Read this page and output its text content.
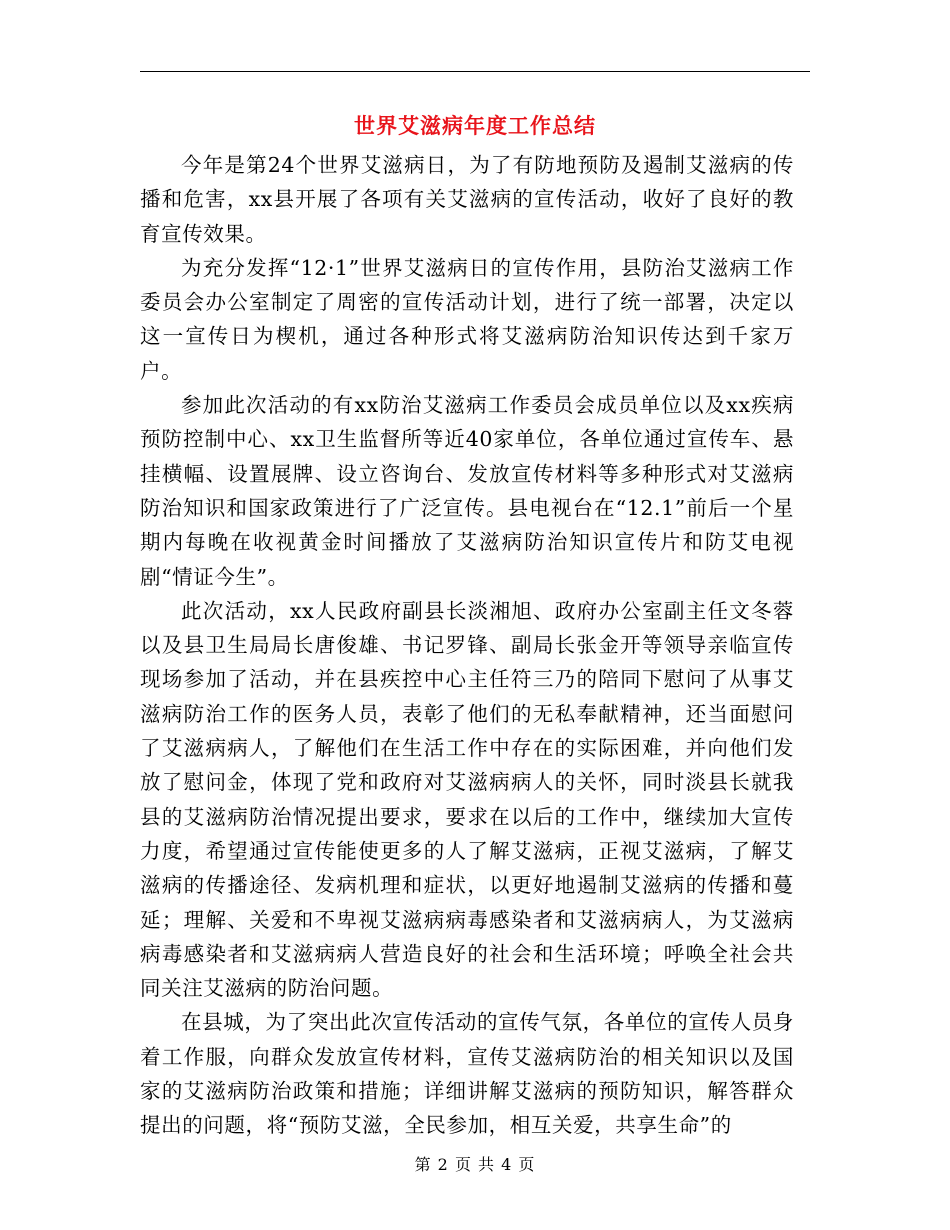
世界艾滋病年度工作总结

今年是第24个世界艾滋病日，为了有防地预防及遏制艾滋病的传播和危害，xx县开展了各项有关艾滋病的宣传活动，收好了良好的教育宣传效果。

为充分发挥“12·1”世界艾滋病日的宣传作用，县防治艾滋病工作委员会办公室制定了周密的宣传活动计划，进行了统一部署，决定以这一宣传日为楔机，通过各种形式将艾滋病防治知识传达到千家万户。

参加此次活动的有xx防治艾滋病工作委员会成员单位以及xx疾病预防控制中心、xx卫生监督所等近40家单位，各单位通过宣传车、悬挂横幅、设置展牌、设立咨询台、发放宣传材料等多种形式对艾滋病防治知识和国家政策进行了广泛宣传。县电视台在“12.1”前后一个星期内每晚在收视黄金时间播放了艾滋病防治知识宣传片和防艾电视剧“情证今生”。

此次活动，xx人民政府副县长淡湘旭、政府办公室副主任文冬蓉以及县卫生局局长唐俊雄、书记罗锋、副局长张金开等领导亲临宣传现场参加了活动，并在县疾控中心主任符三乃的陪同下慰问了从事艾滋病防治工作的医务人员，表彰了他们的无私奉献精神，还当面慰问了艾滋病病人，了解他们在生活工作中存在的实际困难，并向他们发放了慰问金，体现了党和政府对艾滋病病人的关怀，同时淡县长就我县的艾滋病防治情况提出要求，要求在以后的工作中，继续加大宣传力度，希望通过宣传能使更多的人了解艾滋病，正视艾滋病，了解艾滋病的传播途径、发病机理和症状，以更好地遏制艾滋病的传播和蔓延；理解、关爱和不卑视艾滋病病毒感染者和艾滋病病人，为艾滋病病毒感染者和艾滋病病人营造良好的社会和生活环境；呼唤全社会共同关注艾滋病的防治问题。

在县城，为了突出此次宣传活动的宣传气氛，各单位的宣传人员身着工作服，向群众发放宣传材料，宣传艾滋病防治的相关知识以及国家的艾滋病防治政策和措施；详细讲解艾滋病的预防知识，解答群众提出的问题，将“预防艾滋，全民参加，相互关爱，共享生命”的

第 2 页 共 4 页
